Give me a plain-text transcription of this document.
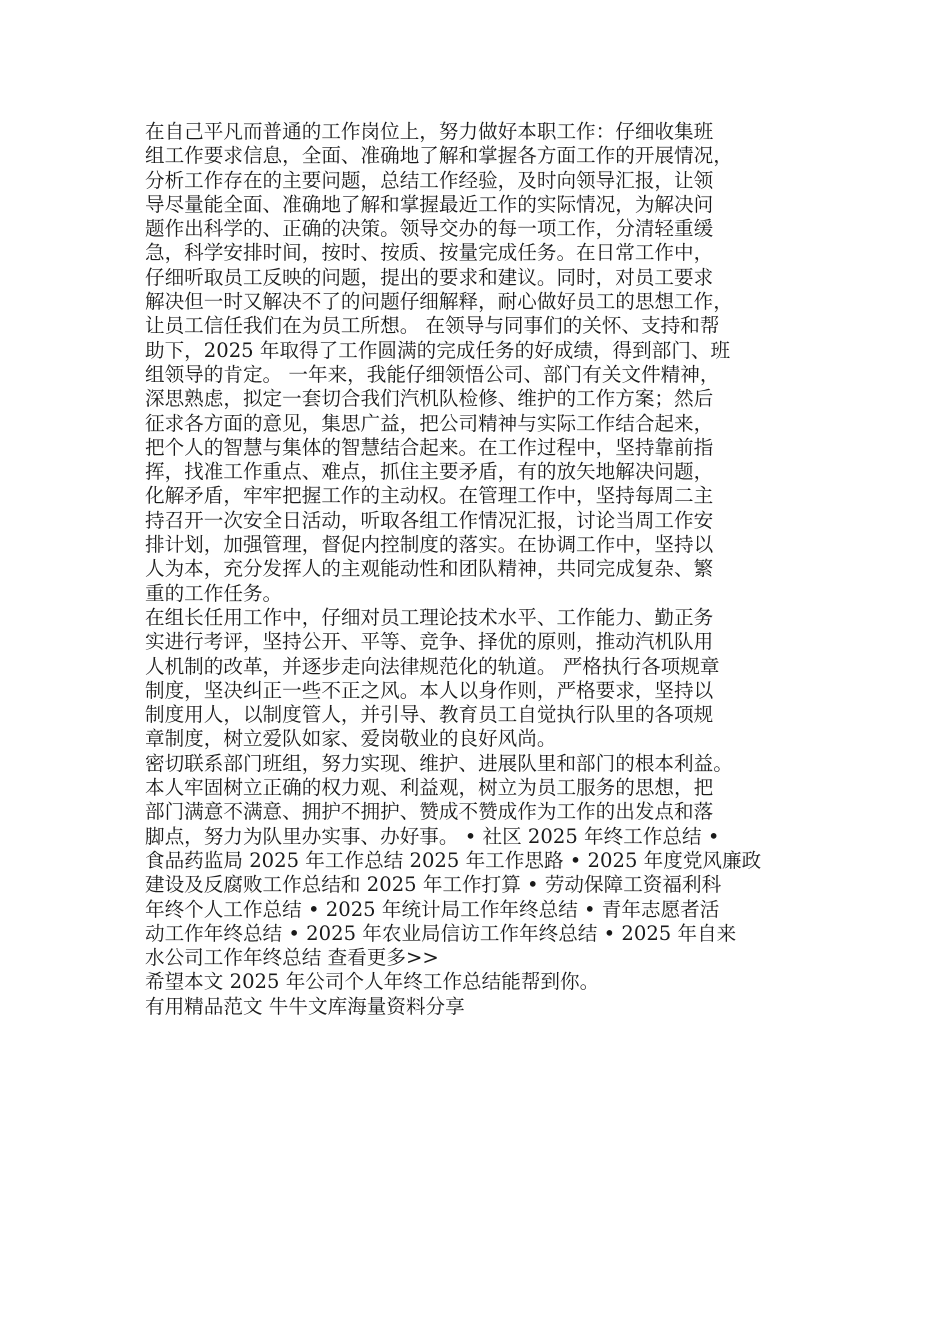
在自己平凡而普通的工作岗位上，努力做好本职工作：仔细收集班
组工作要求信息，全面、准确地了解和掌握各方面工作的开展情况，
分析工作存在的主要问题，总结工作经验，及时向领导汇报，让领
导尽量能全面、准确地了解和掌握最近工作的实际情况，为解决问
题作出科学的、正确的决策。领导交办的每一项工作，分清轻重缓
急，科学安排时间，按时、按质、按量完成任务。在日常工作中，
仔细听取员工反映的问题，提出的要求和建议。同时，对员工要求
解决但一时又解决不了的问题仔细解释，耐心做好员工的思想工作，
让员工信任我们在为员工所想。 在领导与同事们的关怀、支持和帮
助下，2025 年取得了工作圆满的完成任务的好成绩，得到部门、班
组领导的肯定。 一年来，我能仔细领悟公司、部门有关文件精神，
深思熟虑，拟定一套切合我们汽机队检修、维护的工作方案；然后
征求各方面的意见，集思广益，把公司精神与实际工作结合起来，
把个人的智慧与集体的智慧结合起来。在工作过程中，坚持靠前指
挥，找准工作重点、难点，抓住主要矛盾，有的放矢地解决问题，
化解矛盾，牢牢把握工作的主动权。在管理工作中，坚持每周二主
持召开一次安全日活动，听取各组工作情况汇报，讨论当周工作安
排计划，加强管理，督促内控制度的落实。在协调工作中，坚持以
人为本，充分发挥人的主观能动性和团队精神，共同完成复杂、繁
重的工作任务。
在组长任用工作中，仔细对员工理论技术水平、工作能力、勤正务
实进行考评，坚持公开、平等、竞争、择优的原则，推动汽机队用
人机制的改革，并逐步走向法律规范化的轨道。 严格执行各项规章
制度，坚决纠正一些不正之风。本人以身作则，严格要求，坚持以
制度用人，以制度管人，并引导、教育员工自觉执行队里的各项规
章制度，树立爱队如家、爱岗敬业的良好风尚。
密切联系部门班组，努力实现、维护、进展队里和部门的根本利益。
本人牢固树立正确的权力观、利益观，树立为员工服务的思想，把
部门满意不满意、拥护不拥护、赞成不赞成作为工作的出发点和落
脚点，努力为队里办实事、办好事。 • 社区 2025 年终工作总结 •
食品药监局 2025 年工作总结 2025 年工作思路 • 2025 年度党风廉政
建设及反腐败工作总结和 2025 年工作打算 • 劳动保障工资福利科
年终个人工作总结 • 2025 年统计局工作年终总结 • 青年志愿者活
动工作年终总结 • 2025 年农业局信访工作年终总结 • 2025 年自来
水公司工作年终总结 查看更多>>
希望本文 2025 年公司个人年终工作总结能帮到你。
有用精品范文 牛牛文库海量资料分享
